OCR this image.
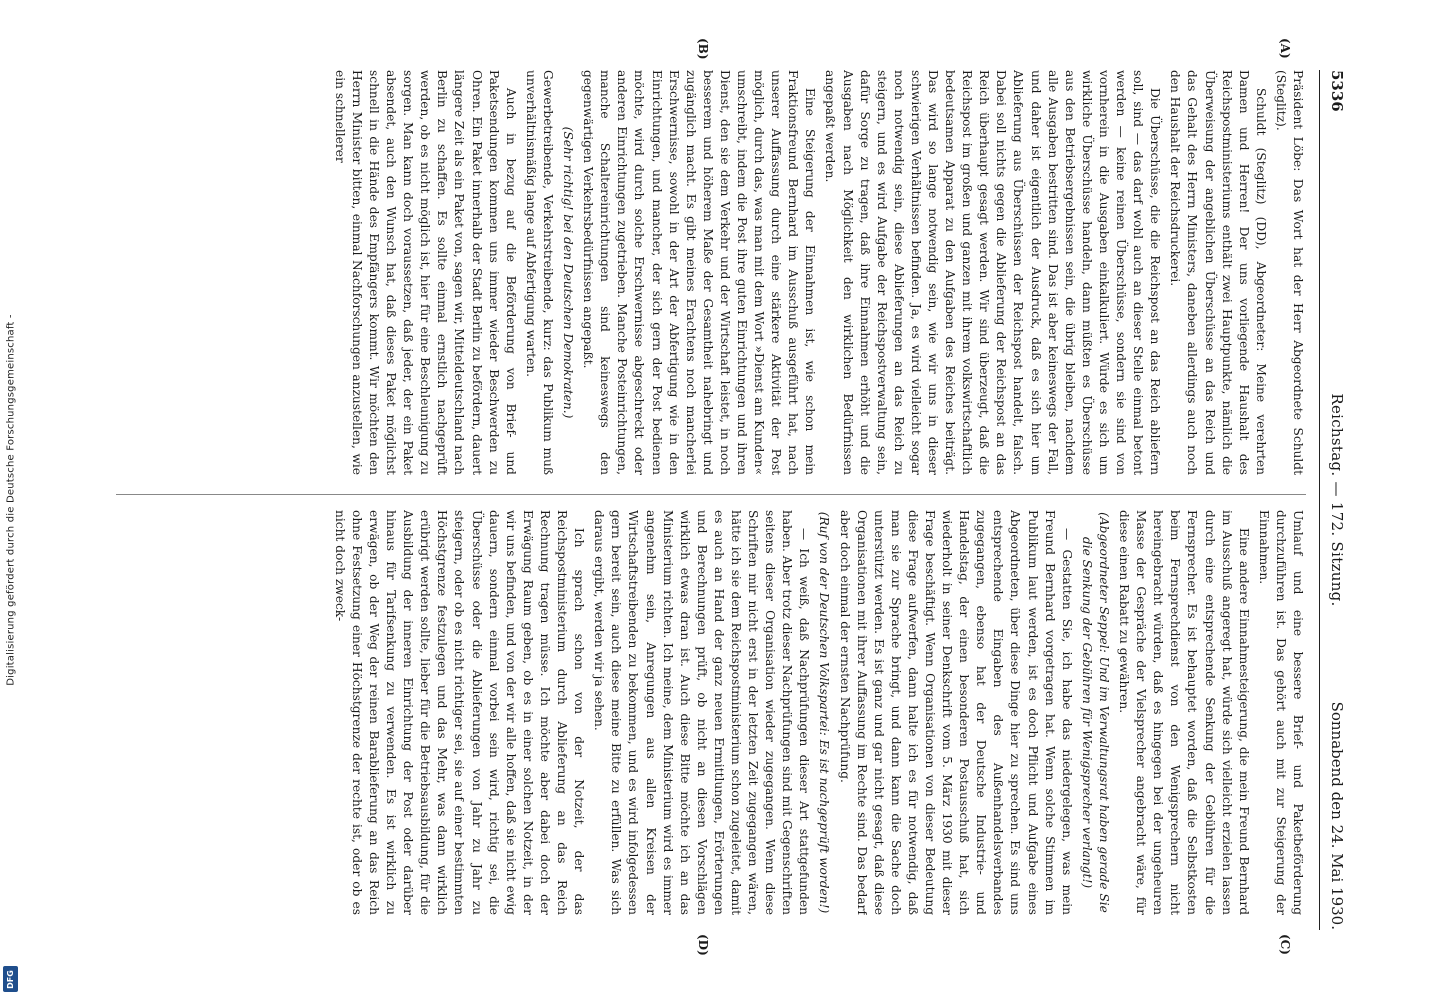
Digitalisierung gefördert durch die Deutsche Forschungsgemeinschaft -
DFG
5336
Reichstag. — 172. Sitzung.
Sonnabend den 24. Mai 1930.
(A)
(B)
(C)
(D)

Präsident Löbe: Das Wort hat der Herr Abgeordnete Schuldt (Steglitz).

Schuldt (Steglitz) (DD), Abgeordneter: Meine verehrten Damen und Herren! Der uns vorliegende Haushalt des Reichspostministeriums enthält zwei Hauptpunkte, nämlich die Überweisung der angeblichen Überschüsse an das Reich und das Gehalt des Herrn Ministers, daneben allerdings auch noch den Haushalt der Reichsdruckerei.

Die Überschüsse, die die Reichspost an das Reich abliefern soll, sind — das darf wohl auch an dieser Stelle einmal betont werden — keine reinen Überschüsse, sondern sie sind von vornherein in die Ausgaben einkalkuliert. Würde es sich um wirkliche Überschüsse handeln, dann müßten es Überschüsse aus den Betriebsergebnissen sein, die übrig bleiben, nachdem alle Ausgaben bestritten sind. Das ist aber keineswegs der Fall, und daher ist eigentlich der Ausdruck, daß es sich hier um Ablieferung aus Überschüssen der Reichspost handelt, falsch. Dabei soll nichts gegen die Ablieferung der Reichspost an das Reich überhaupt gesagt werden. Wir sind überzeugt, daß die Reichspost im großen und ganzen mit ihrem volkswirtschaftlich bedeutsamen Apparat zu den Aufgaben des Reiches beiträgt. Das wird so lange notwendig sein, wie wir uns in dieser schwierigen Verhältnissen befinden. Ja, es wird vielleicht sogar noch notwendig sein, diese Ablieferungen an das Reich zu steigern, und es wird Aufgabe der Reichspostverwaltung sein, dafür Sorge zu tragen, daß ihre Einnahmen erhöht und die Ausgaben nach Möglichkeit den wirklichen Bedürfnissen angepaßt werden.

Eine Steigerung der Einnahmen ist, wie schon mein Fraktionsfreund Bernhard im Ausschuß ausgeführt hat, nach unserer Auffassung durch eine stärkere Aktivität der Post möglich, durch das, was man mit dem Wort »Dienst am Kunden« umschreibt, indem die Post ihre guten Einrichtungen und ihren Dienst, den sie dem Verkehr und der Wirtschaft leistet, in noch besserem und höherem Maße der Gesamtheit nahebringt und zugänglich macht. Es gibt meines Erachtens noch mancherlei Erschwernisse, sowohl in der Art der Abfertigung wie in den Einrichtungen, und mancher, der sich gern der Post bedienen möchte, wird durch solche Erschwernisse abgeschreckt oder anderen Einrichtungen zugetrieben. Manche Posteinrichtungen, manche Schaltereinrichtungen sind keineswegs den gegenwärtigen Verkehrsbedürfnissen angepaßt.

(Sehr richtig! bei den Deutschen Demokraten.)

Gewerbetreibende, Verkehrstreibende, kurz: das Publikum muß unverhältnismäßig lange auf Abfertigung warten.

Auch in bezug auf die Beförderung von Brief- und Paketsendungen kommen uns immer wieder Beschwerden zu Ohren. Ein Paket innerhalb der Stadt Berlin zu befördern, dauert längere Zeit als ein Paket von, sagen wir, Mitteldeutschland nach Berlin zu schaffen. Es sollte einmal ernstlich nachgeprüft werden, ob es nicht möglich ist, hier für eine Beschleunigung zu sorgen. Man kann doch voraussetzen, daß jeder, der ein Paket absendet, auch den Wunsch hat, daß dieses Paket möglichst schnell in die Hände des Empfängers kommt. Wir möchten den Herrn Minister bitten, einmal Nachforschungen anzustellen, wie ein schnellerer

Umlauf und eine bessere Brief- und Paketbeförderung durchzuführen ist. Das gehört auch mit zur Steigerung der Einnahmen.

Eine andere Einnahmesteigerung, die mein Freund Bernhard im Ausschuß angeregt hat, würde sich vielleicht erzielen lassen durch eine entsprechende Senkung der Gebühren für die Fernsprecher. Es ist behauptet worden, daß die Selbstkosten beim Fernsprechdienst von den Wenigsprechern nicht hereingebracht würden, daß es hingegen bei der ungeheuren Masse der Gespräche der Vielsprecher angebracht wäre, für diese einen Rabatt zu gewähren.

(Abgeordneter Seppel: Und im Verwaltungsrat haben gerade Sie die Senkung der Gebühren für Wenigsprecher verlangt!)

— Gestatten Sie, ich habe das niedergelegen, was mein Freund Bernhard vorgetragen hat. Wenn solche Stimmen im Publikum laut werden, ist es doch Pflicht und Aufgabe eines Abgeordneten, über diese Dinge hier zu sprechen. Es sind uns entsprechende Eingaben des Außenhandelsverbandes zugegangen, ebenso hat der Deutsche Industrie- und Handelstag, der einen besonderen Postausschuß hat, sich wiederholt in seiner Denkschrift vom 5. März 1930 mit dieser Frage beschäftigt. Wenn Organisationen von dieser Bedeutung diese Frage aufwerfen, dann halte ich es für notwendig, daß man sie zur Sprache bringt, und dann kann die Sache doch unterstützt werden. Es ist ganz und gar nicht gesagt, daß diese Organisationen mit ihrer Auffassung im Rechte sind. Das bedarf aber doch einmal der ernsten Nachprüfung.

(Ruf von der Deutschen Volkspartei: Es ist nachgeprüft worden!)

— Ich weiß, daß Nachprüfungen dieser Art stattgefunden haben. Aber trotz dieser Nachprüfungen sind mit Gegenschriften seitens dieser Organisation wieder zugegangen. Wenn diese Schriften mir nicht erst in der letzten Zeit zugegangen wären, hätte ich sie dem Reichspostministerium schon zugeleitet, damit es auch an Hand der ganz neuen Ermittlungen, Erörterungen und Berechnungen prüft, ob nicht an diesen Vorschlägen wirklich etwas dran ist. Auch diese Bitte möchte ich an das Ministerium richten. Ich meine, dem Ministerium wird es immer angenehm sein, Anregungen aus allen Kreisen der Wirtschaftstreibenden zu bekommen, und es wird infolgedessen gern bereit sein, auch diese meine Bitte zu erfüllen. Was sich daraus ergibt, werden wir ja sehen.

Ich sprach schon von der Notzeit, der das Reichspostministerium durch Ablieferung an das Reich Rechnung tragen müsse. Ich möchte aber dabei doch der Erwägung Raum geben, ob es in einer solchen Notzeit, in der wir uns befinden, und von der wir alle hoffen, daß sie nicht ewig dauern, sondern einmal vorbei sein wird, richtig sei, die Überschüsse oder die Ablieferungen von Jahr zu Jahr zu steigern, oder ob es nicht richtiger sei, sie auf einer bestimmten Höchstgrenze festzulegen und das Mehr, was dann wirklich erübrigt werden sollte, lieber für die Betriebsausbildung, für die Ausbildung der inneren Einrichtung der Post oder darüber hinaus für Tarifsenkung zu verwenden. Es ist wirklich zu erwägen, ob der Weg der reinen Barablieferung an das Reich ohne Festsetzung einer Höchstgrenze der rechte ist, oder ob es nicht doch zweck-
